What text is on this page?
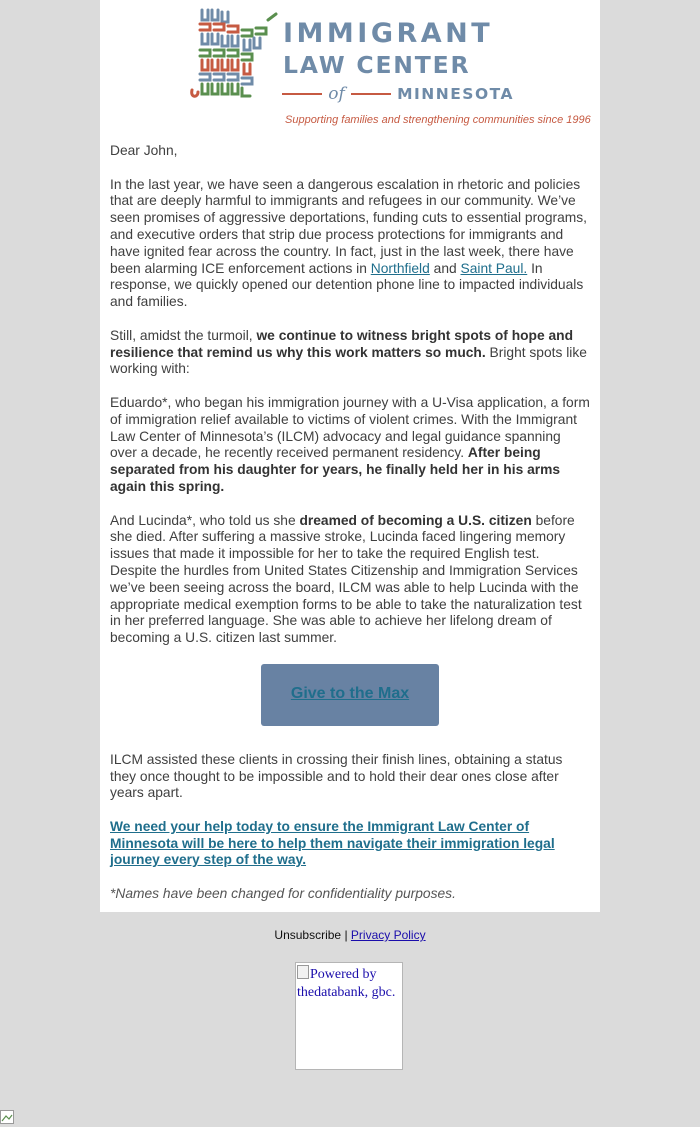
IMMIGRANT
LAW CENTER
of	MINNESOTA
Supporting families and strengthening communities since 1996

Dear John,

In the last year, we have seen a dangerous escalation in rhetoric and policies that are deeply harmful to immigrants and refugees in our community. We’ve seen promises of aggressive deportations, funding cuts to essential programs, and executive orders that strip due process protections for immigrants and have ignited fear across the country. In fact, just in the last week, there have been alarming ICE enforcement actions in Northfield and Saint Paul. In response, we quickly opened our detention phone line to impacted individuals and families.

Still, amidst the turmoil, we continue to witness bright spots of hope and resilience that remind us why this work matters so much. Bright spots like working with:

Eduardo*, who began his immigration journey with a U-Visa application, a form of immigration relief available to victims of violent crimes. With the Immigrant Law Center of Minnesota’s (ILCM) advocacy and legal guidance spanning over a decade, he recently received permanent residency. After being separated from his daughter for years, he finally held her in his arms again this spring.

And Lucinda*, who told us she dreamed of becoming a U.S. citizen before she died. After suffering a massive stroke, Lucinda faced lingering memory issues that made it impossible for her to take the required English test. Despite the hurdles from United States Citizenship and Immigration Services we’ve been seeing across the board, ILCM was able to help Lucinda with the appropriate medical exemption forms to be able to take the naturalization test in her preferred language. She was able to achieve her lifelong dream of becoming a U.S. citizen last summer.

Give to the Max

ILCM assisted these clients in crossing their finish lines, obtaining a status they once thought to be impossible and to hold their dear ones close after years apart.

We need your help today to ensure the Immigrant Law Center of Minnesota will be here to help them navigate their immigration legal journey every step of the way.

*Names have been changed for confidentiality purposes.

Unsubscribe | Privacy Policy
Powered by thedatabank, gbc.
